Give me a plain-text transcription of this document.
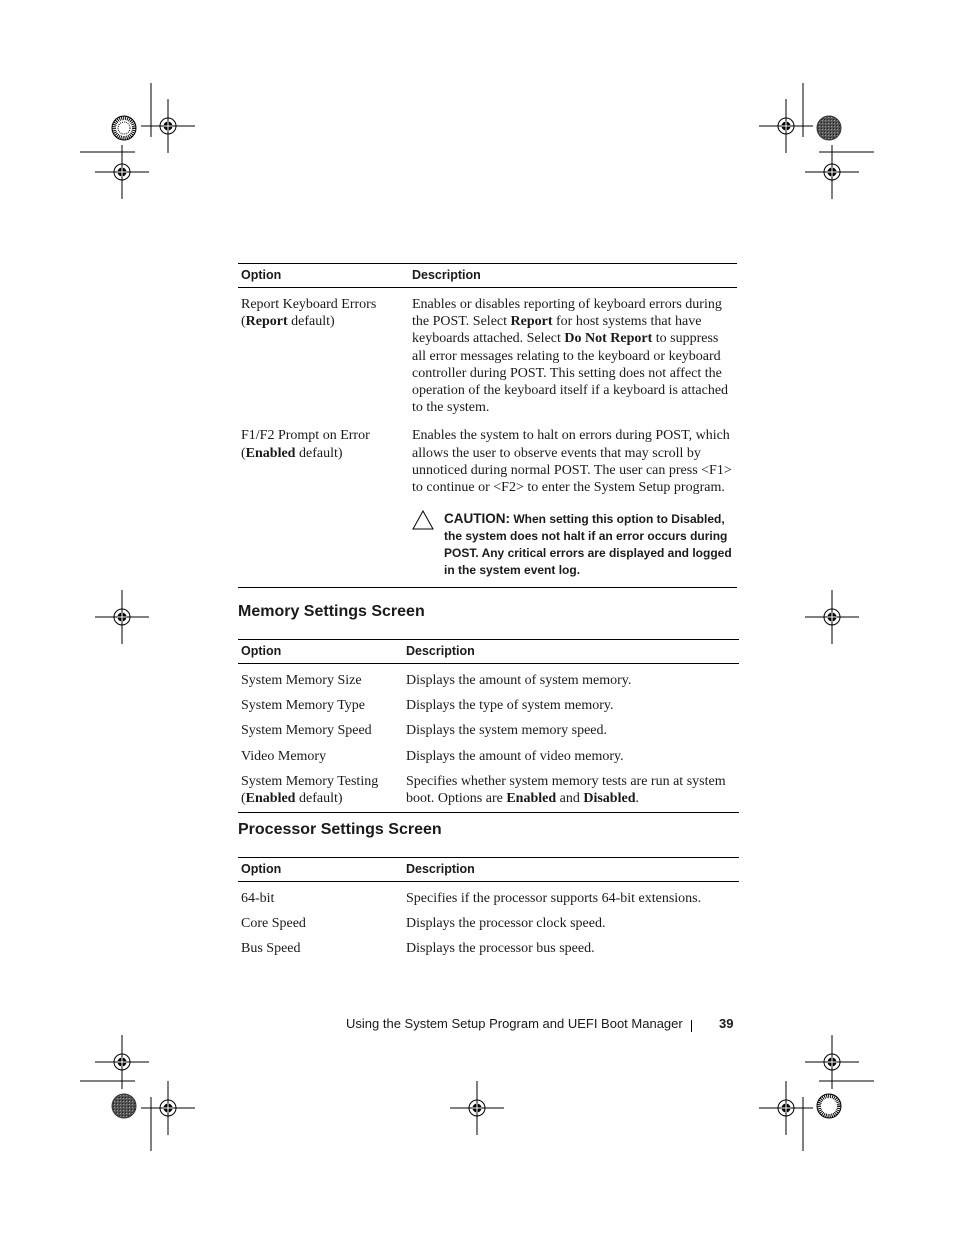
Option	Description
Report Keyboard Errors
(Report default)	Enables or disables reporting of keyboard errors during the POST. Select Report for host systems that have keyboards attached. Select Do Not Report to suppress all error messages relating to the keyboard or keyboard controller during POST. This setting does not affect the operation of the keyboard itself if a keyboard is attached to the system.
F1/F2 Prompt on Error
(Enabled default)	Enables the system to halt on errors during POST, which allows the user to observe events that may scroll by unnoticed during normal POST. The user can press <F1> to continue or <F2> to enter the System Setup program.
CAUTION: When setting this option to Disabled, the system does not halt if an error occurs during POST. Any critical errors are displayed and logged in the system event log.
Memory Settings Screen
Option	Description
System Memory Size	Displays the amount of system memory.
System Memory Type	Displays the type of system memory.
System Memory Speed	Displays the system memory speed.
Video Memory	Displays the amount of video memory.
System Memory Testing
(Enabled default)	Specifies whether system memory tests are run at system boot. Options are Enabled and Disabled.
Processor Settings Screen
Option	Description
64-bit	Specifies if the processor supports 64-bit extensions.
Core Speed	Displays the processor clock speed.
Bus Speed	Displays the processor bus speed.
Using the System Setup Program and UEFI Boot Manager	39
